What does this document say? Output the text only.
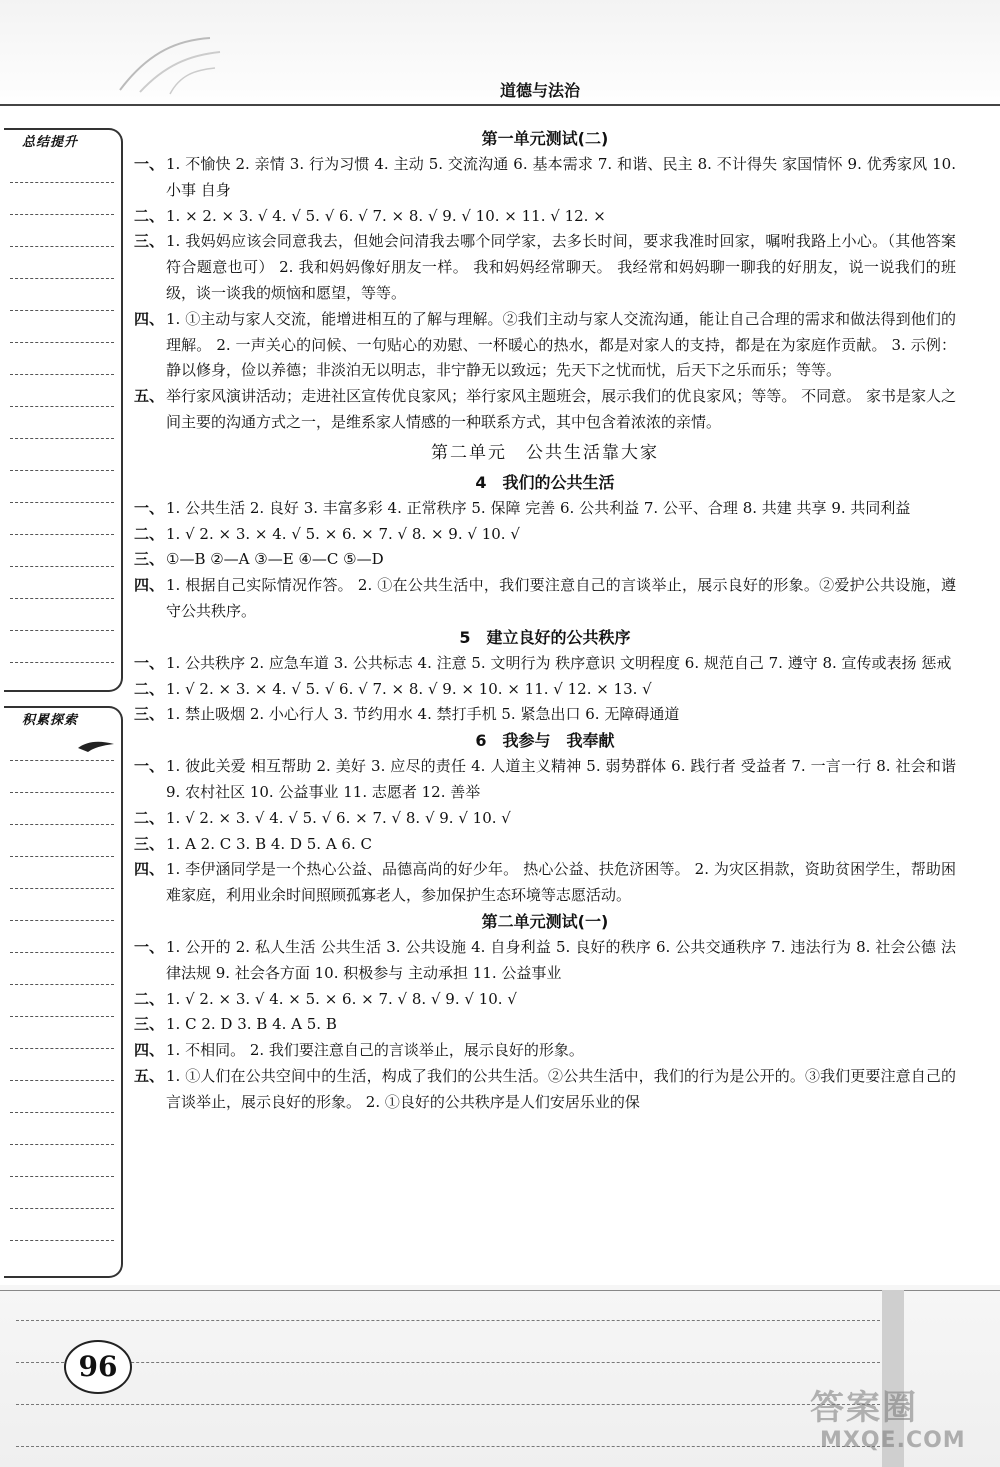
道德与法治
总结提升
积累探索
第一单元测试(二)
一、 1. 不愉快 2. 亲情 3. 行为习惯 4. 主动 5. 交流沟通 6. 基本需求 7. 和谐、民主 8. 不计得失 家国情怀 9. 优秀家风 10. 小事 自身
二、 1. × 2. × 3. √ 4. √ 5. √ 6. √ 7. × 8. √ 9. √ 10. × 11. √ 12. ×
三、 1. 我妈妈应该会同意我去，但她会问清我去哪个同学家，去多长时间，要求我准时回家，嘱咐我路上小心。（其他答案符合题意也可） 2. 我和妈妈像好朋友一样。 我和妈妈经常聊天。 我经常和妈妈聊一聊我的好朋友，说一说我们的班级，谈一谈我的烦恼和愿望，等等。
四、 1. ①主动与家人交流，能增进相互的了解与理解。②我们主动与家人交流沟通，能让自己合理的需求和做法得到他们的理解。 2. 一声关心的问候、一句贴心的劝慰、一杯暖心的热水，都是对家人的支持，都是在为家庭作贡献。 3. 示例：静以修身，俭以养德；非淡泊无以明志，非宁静无以致远；先天下之忧而忧，后天下之乐而乐；等等。
五、 举行家风演讲活动；走进社区宣传优良家风；举行家风主题班会，展示我们的优良家风；等等。 不同意。 家书是家人之间主要的沟通方式之一，是维系家人情感的一种联系方式，其中包含着浓浓的亲情。
第二单元　公共生活靠大家
4　我们的公共生活
一、 1. 公共生活 2. 良好 3. 丰富多彩 4. 正常秩序 5. 保障 完善 6. 公共利益 7. 公平、合理 8. 共建 共享 9. 共同利益
二、 1. √ 2. × 3. × 4. √ 5. × 6. × 7. √ 8. × 9. √ 10. √
三、 ①—B ②—A ③—E ④—C ⑤—D
四、 1. 根据自己实际情况作答。 2. ①在公共生活中，我们要注意自己的言谈举止，展示良好的形象。②爱护公共设施，遵守公共秩序。
5　建立良好的公共秩序
一、 1. 公共秩序 2. 应急车道 3. 公共标志 4. 注意 5. 文明行为 秩序意识 文明程度 6. 规范自己 7. 遵守 8. 宣传或表扬 惩戒
二、 1. √ 2. × 3. × 4. √ 5. √ 6. √ 7. × 8. √ 9. × 10. × 11. √ 12. × 13. √
三、 1. 禁止吸烟 2. 小心行人 3. 节约用水 4. 禁打手机 5. 紧急出口 6. 无障碍通道
6　我参与　我奉献
一、 1. 彼此关爱 相互帮助 2. 美好 3. 应尽的责任 4. 人道主义精神 5. 弱势群体 6. 践行者 受益者 7. 一言一行 8. 社会和谐 9. 农村社区 10. 公益事业 11. 志愿者 12. 善举
二、 1. √ 2. × 3. √ 4. √ 5. √ 6. × 7. √ 8. √ 9. √ 10. √
三、 1. A 2. C 3. B 4. D 5. A 6. C
四、 1. 李伊涵同学是一个热心公益、品德高尚的好少年。 热心公益、扶危济困等。 2. 为灾区捐款，资助贫困学生，帮助困难家庭，利用业余时间照顾孤寡老人，参加保护生态环境等志愿活动。
第二单元测试(一)
一、 1. 公开的 2. 私人生活 公共生活 3. 公共设施 4. 自身利益 5. 良好的秩序 6. 公共交通秩序 7. 违法行为 8. 社会公德 法律法规 9. 社会各方面 10. 积极参与 主动承担 11. 公益事业
二、 1. √ 2. × 3. √ 4. × 5. × 6. × 7. √ 8. √ 9. √ 10. √
三、 1. C 2. D 3. B 4. A 5. B
四、 1. 不相同。 2. 我们要注意自己的言谈举止，展示良好的形象。
五、 1. ①人们在公共空间中的生活，构成了我们的公共生活。②公共生活中，我们的行为是公开的。③我们更要注意自己的言谈举止，展示良好的形象。 2. ①良好的公共秩序是人们安居乐业的保
96
答案圈
MXQE.COM
